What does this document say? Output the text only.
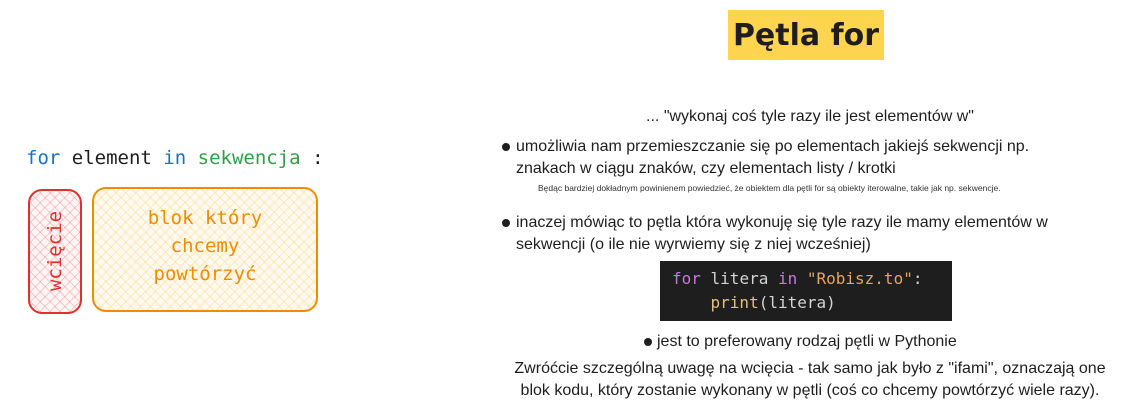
Pętla for
for element in sekwencja :
wcięcie	blok który
chcemy
powtórzyć
... "wykonaj coś tyle razy ile jest elementów w"
umożliwia nam przemieszczanie się po elementach jakiejś sekwencji np. znakach w ciągu znaków, czy elementach listy / krotki
Będąc bardziej dokładnym powinienem powiedzieć, że obiektem dla pętli for są obiekty iterowalne, takie jak np. sekwencje.
inaczej mówiąc to pętla która wykonuję się tyle razy ile mamy elementów w sekwencji (o ile nie wyrwiemy się z niej wcześniej)
for litera in "Robisz.to":
print(litera)
jest to preferowany rodzaj pętli w Pythonie
Zwróćcie szczególną uwagę na wcięcia - tak samo jak było z "ifami", oznaczają one blok kodu, który zostanie wykonany w pętli (coś co chcemy powtórzyć wiele razy).
